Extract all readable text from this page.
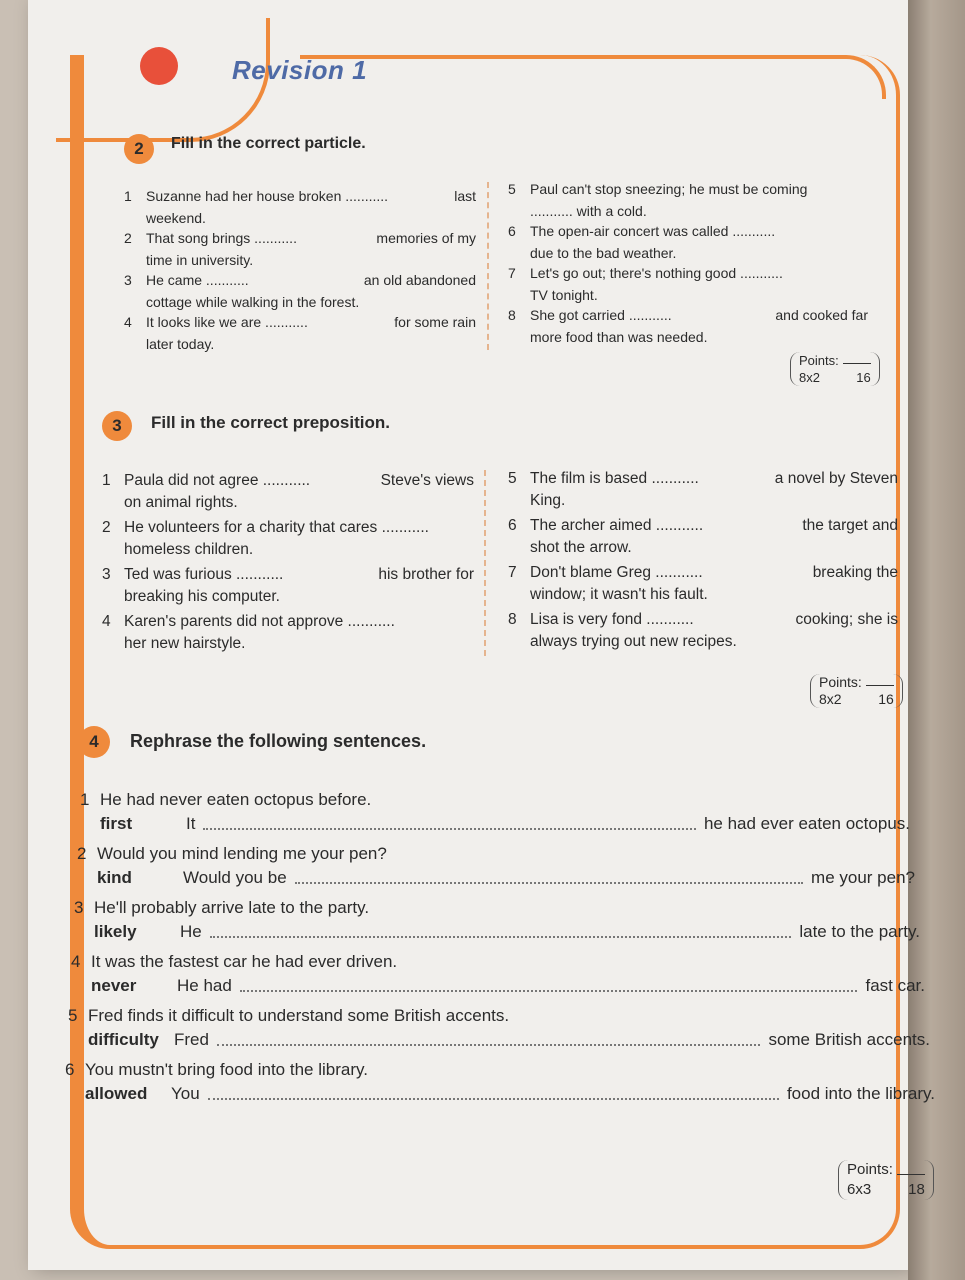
Revision 1
2	Fill in the correct particle.
1 Suzanne had her house broken ...........	last
weekend.
2 That song brings ...........	memories of my
time in university.
3 He came ...........	an old abandoned
cottage while walking in the forest.
4 It looks like we are ...........	for some rain
later today.
5 Paul can't stop sneezing; he must be coming
........... with a cold.
6 The open-air concert was called ...........
due to the bad weather.
7 Let's go out; there's nothing good ...........
TV tonight.
8 She got carried ...........	and cooked far
more food than was needed.
Points:
8x2	16
3	Fill in the correct preposition.
1 Paula did not agree ...........	Steve's views
on animal rights.
2 He volunteers for a charity that cares ...........
homeless children.
3 Ted was furious ...........	his brother for
breaking his computer.
4 Karen's parents did not approve ...........
her new hairstyle.
5 The film is based ...........	a novel by Steven
King.
6 The archer aimed ...........	the target and
shot the arrow.
7 Don't blame Greg ...........	breaking the
window; it wasn't his fault.
8 Lisa is very fond ...........	cooking; she is
always trying out new recipes.
Points:
8x2	16
4	Rephrase the following sentences.
1 He had never eaten octopus before.
first	It	he had ever eaten octopus.
2 Would you mind lending me your pen?
kind	Would you be	me your pen?
3 He'll probably arrive late to the party.
likely	He	late to the party.
4 It was the fastest car he had ever driven.
never	He had	fast car.
5 Fred finds it difficult to understand some British accents.
difficulty Fred	some British accents.
6 You mustn't bring food into the library.
allowed	You	food into the library.
Points:
6x3 18
